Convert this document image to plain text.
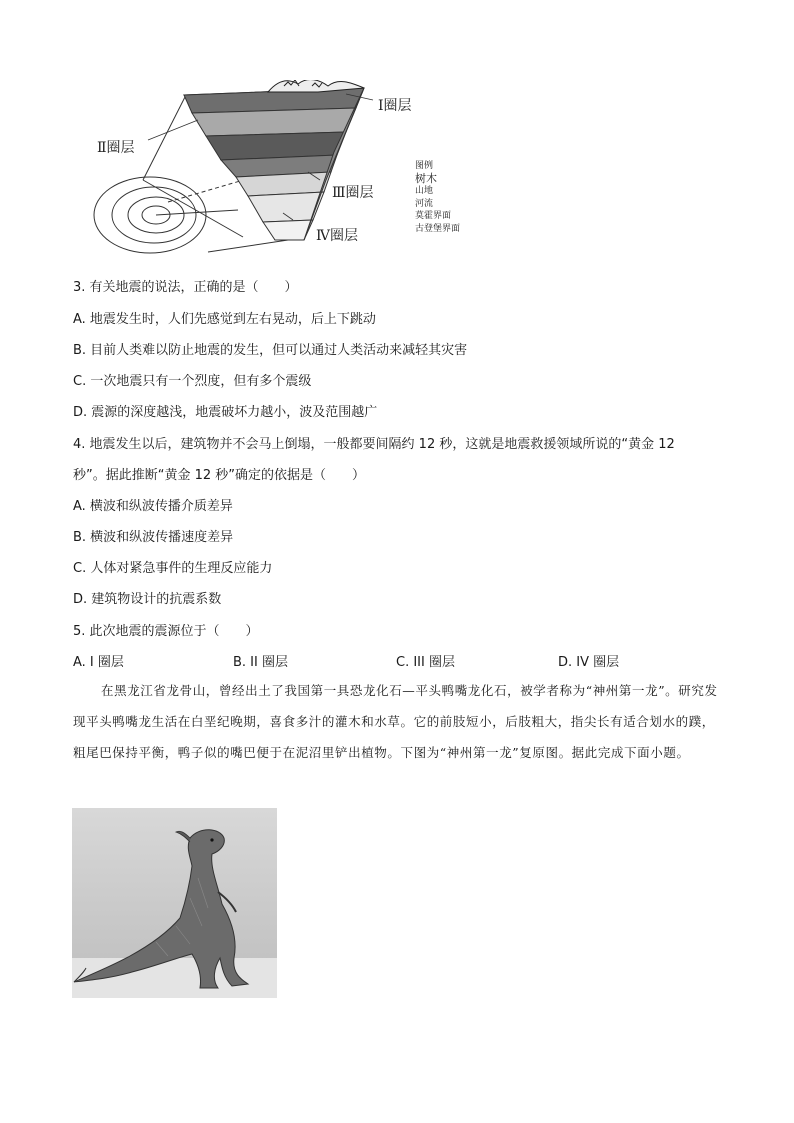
Ⅰ圈层
Ⅱ圈层
Ⅲ圈层
Ⅳ圈层
图例
树木
山地
河流
莫霍界面
古登堡界面
3. 有关地震的说法，正确的是（　　）
A. 地震发生时，人们先感觉到左右晃动，后上下跳动
B. 目前人类难以防止地震的发生，但可以通过人类活动来减轻其灾害
C. 一次地震只有一个烈度，但有多个震级
D. 震源的深度越浅，地震破坏力越小，波及范围越广
4. 地震发生以后，建筑物并不会马上倒塌，一般都要间隔约 12 秒，这就是地震救援领域所说的“黄金 12
秒”。据此推断“黄金 12 秒”确定的依据是（　　）
A. 横波和纵波传播介质差异
B. 横波和纵波传播速度差异
C. 人体对紧急事件的生理反应能力
D. 建筑物设计的抗震系数
5. 此次地震的震源位于（　　）
A. I 圈层	B. II 圈层	C. III 圈层	D. IV 圈层
在黑龙江省龙骨山，曾经出土了我国第一具恐龙化石—平头鸭嘴龙化石，被学者称为“神州第一龙”。研究发现平头鸭嘴龙生活在白垩纪晚期，喜食多汁的灌木和水草。它的前肢短小，后肢粗大，指尖长有适合划水的蹼，粗尾巴保持平衡，鸭子似的嘴巴便于在泥沼里铲出植物。下图为“神州第一龙”复原图。据此完成下面小题。
